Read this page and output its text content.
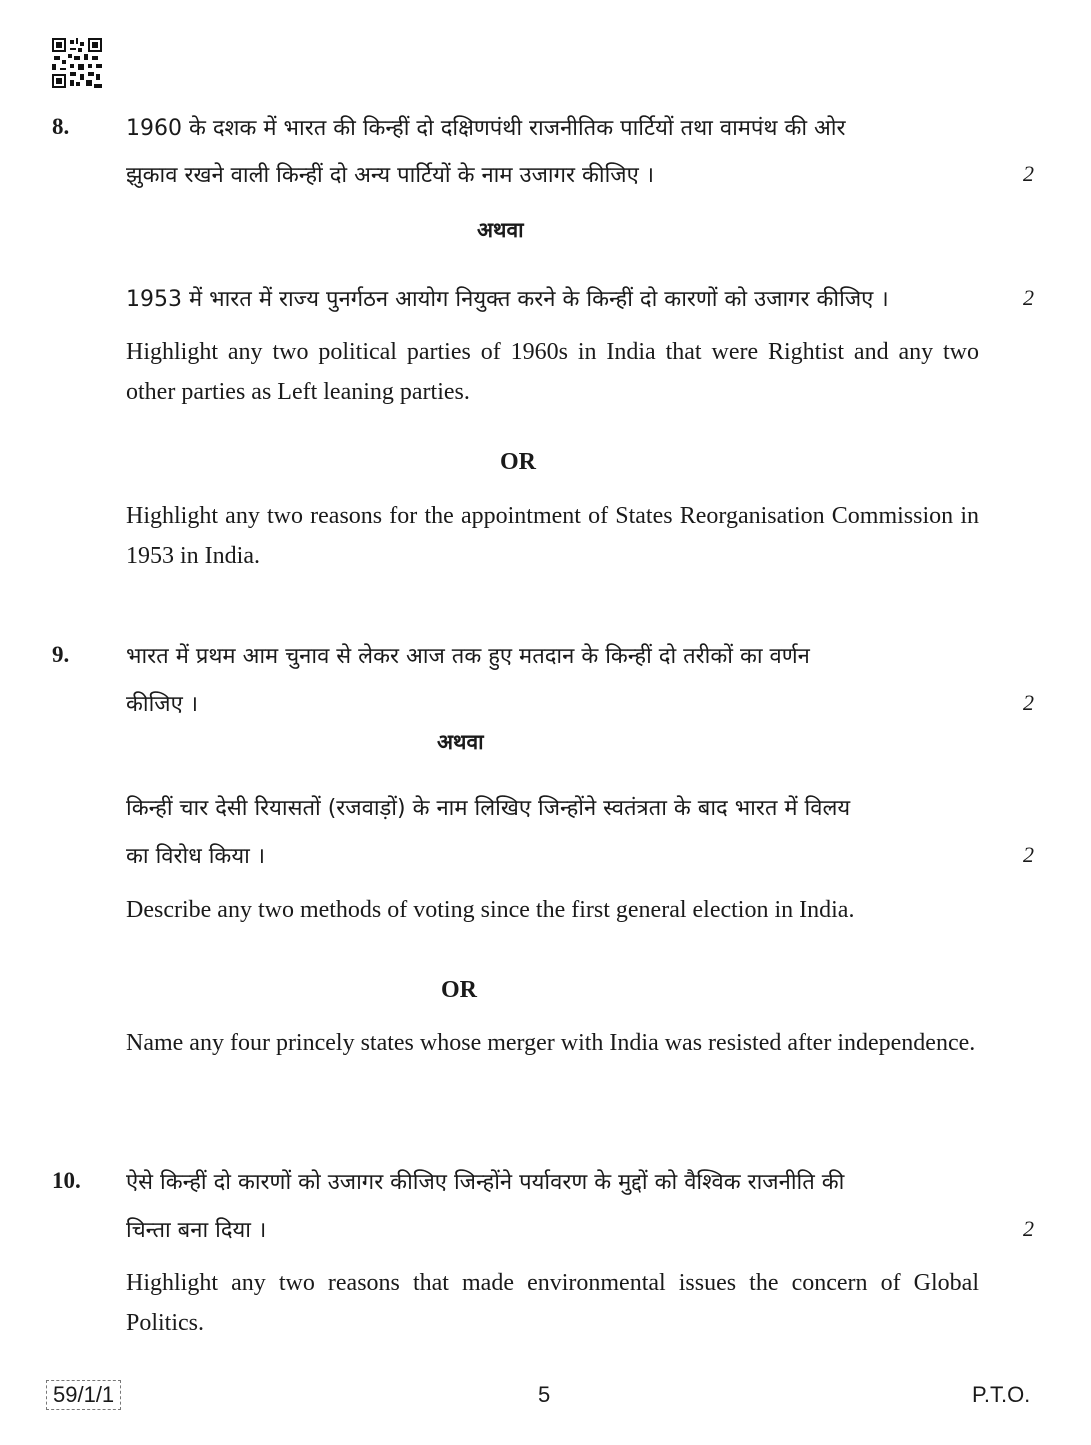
8.	1960 के दशक में भारत की किन्हीं दो दक्षिणपंथी राजनीतिक पार्टियों तथा वामपंथ की ओर
झुकाव रखने वाली किन्हीं दो अन्य पार्टियों के नाम उजागर कीजिए ।	2
अथवा
1953 में भारत में राज्य पुनर्गठन आयोग नियुक्त करने के किन्हीं दो कारणों को उजागर कीजिए ।	2
Highlight any two political parties of 1960s in India that were Rightist and any two other parties as Left leaning parties.
OR
Highlight any two reasons for the appointment of States Reorganisation Commission in 1953 in India.
9.	भारत में प्रथम आम चुनाव से लेकर आज तक हुए मतदान के किन्हीं दो तरीकों का वर्णन
कीजिए ।	2
अथवा
किन्हीं चार देसी रियासतों (रजवाड़ों) के नाम लिखिए जिन्होंने स्वतंत्रता के बाद भारत में विलय
का विरोध किया ।	2
Describe any two methods of voting since the first general election in India.
OR
Name any four princely states whose merger with India was resisted after independence.
10. ऐसे किन्हीं दो कारणों को उजागर कीजिए जिन्होंने पर्यावरण के मुद्दों को वैश्विक राजनीति की
चिन्ता बना दिया ।	2
Highlight any two reasons that made environmental issues the concern of Global Politics.
59/1/1	5	P.T.O.
